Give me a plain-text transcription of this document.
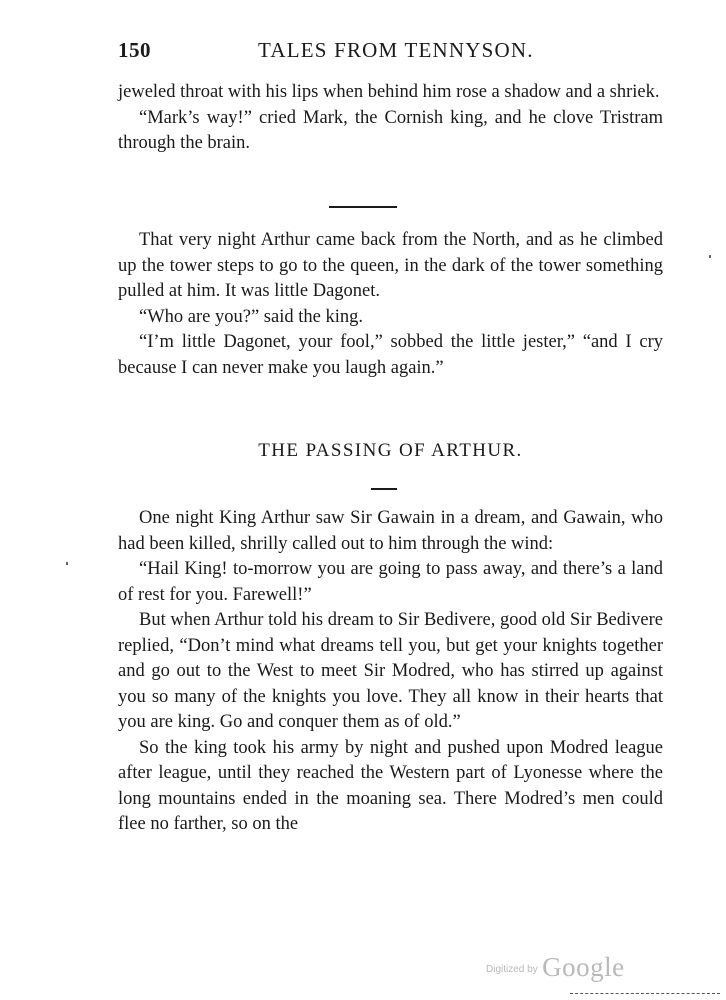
150	TALES FROM TENNYSON.

jeweled throat with his lips when behind him rose a shadow and a shriek.

“Mark’s way!” cried Mark, the Cornish king, and he clove Tristram through the brain.

That very night Arthur came back from the North, and as he climbed up the tower steps to go to the queen, in the dark of the tower something pulled at him. It was little Dagonet.

“Who are you?” said the king.

“I’m little Dagonet, your fool,” sobbed the little jester,” “and I cry because I can never make you laugh again.”

THE PASSING OF ARTHUR.

One night King Arthur saw Sir Gawain in a dream, and Gawain, who had been killed, shrilly called out to him through the wind:

“Hail King! to-morrow you are going to pass away, and there’s a land of rest for you. Farewell!”

But when Arthur told his dream to Sir Bedivere, good old Sir Bedivere replied, “Don’t mind what dreams tell you, but get your knights together and go out to the West to meet Sir Modred, who has stirred up against you so many of the knights you love. They all know in their hearts that you are king. Go and conquer them as of old.”

So the king took his army by night and pushed upon Modred league after league, until they reached the Western part of Lyonesse where the long mountains ended in the moaning sea. There Modred’s men could flee no farther, so on the

$^{Digitized by}$ Google
